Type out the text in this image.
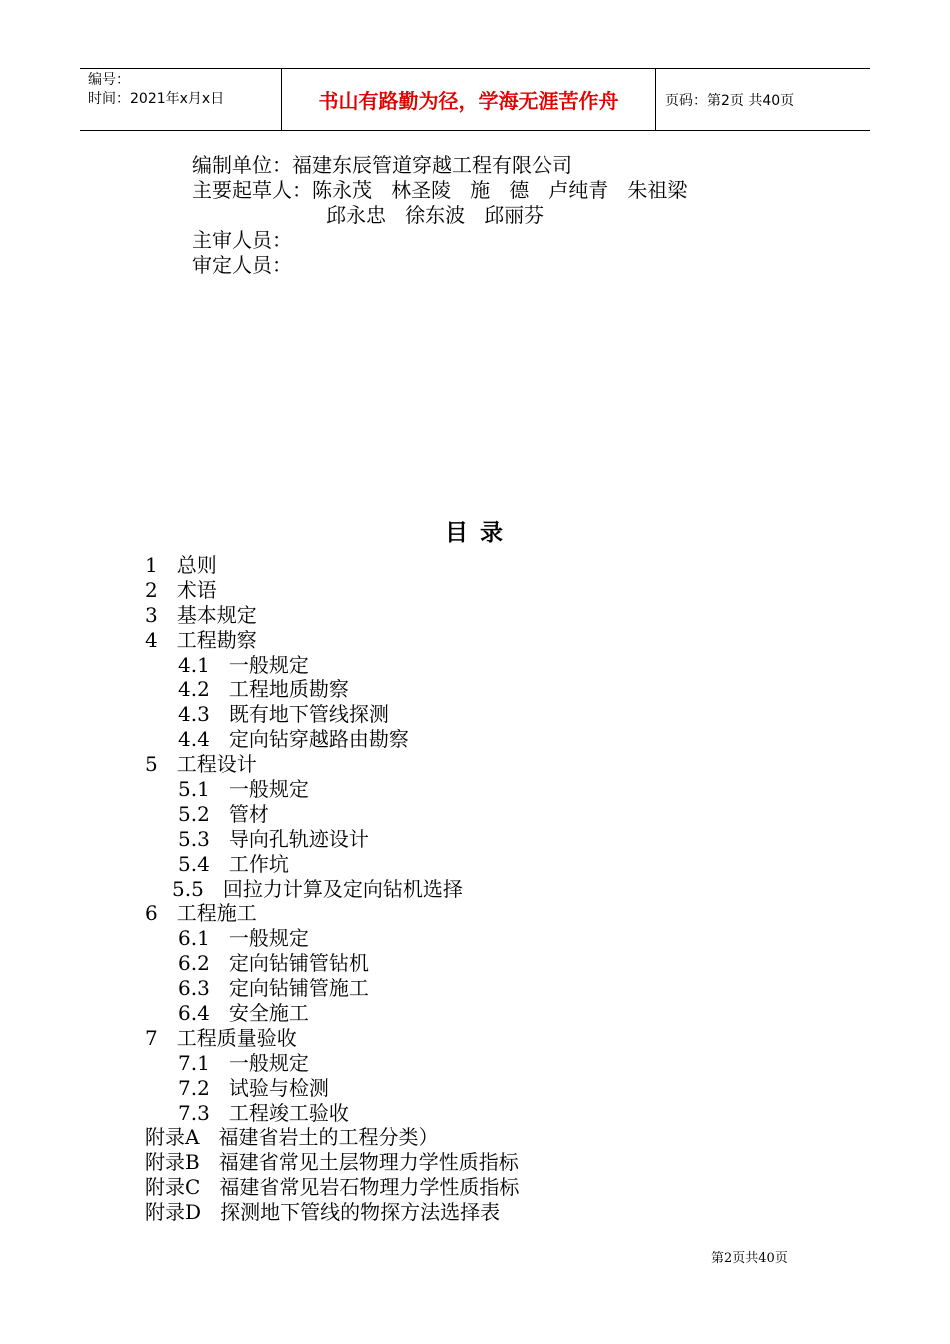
编号：
时间：2021年x月x日	书山有路勤为径，学海无涯苦作舟	页码：第2页 共40页
编制单位：福建东辰管道穿越工程有限公司
主要起草人：陈永茂   林圣陵   施   德   卢纯青   朱祖梁
邱永忠   徐东波   邱丽芬
主审人员：
审定人员：
目 录
1   总则
2   术语
3   基本规定
4   工程勘察
4.1   一般规定
4.2   工程地质勘察
4.3   既有地下管线探测
4.4   定向钻穿越路由勘察
5   工程设计
5.1   一般规定
5.2   管材
5.3   导向孔轨迹设计
5.4   工作坑
5.5   回拉力计算及定向钻机选择
6   工程施工
6.1   一般规定
6.2   定向钻铺管钻机
6.3   定向钻铺管施工
6.4   安全施工
7   工程质量验收
7.1   一般规定
7.2   试验与检测
7.3   工程竣工验收
附录A   福建省岩土的工程分类）
附录B   福建省常见土层物理力学性质指标
附录C   福建省常见岩石物理力学性质指标
附录D   探测地下管线的物探方法选择表
第2页共40页
